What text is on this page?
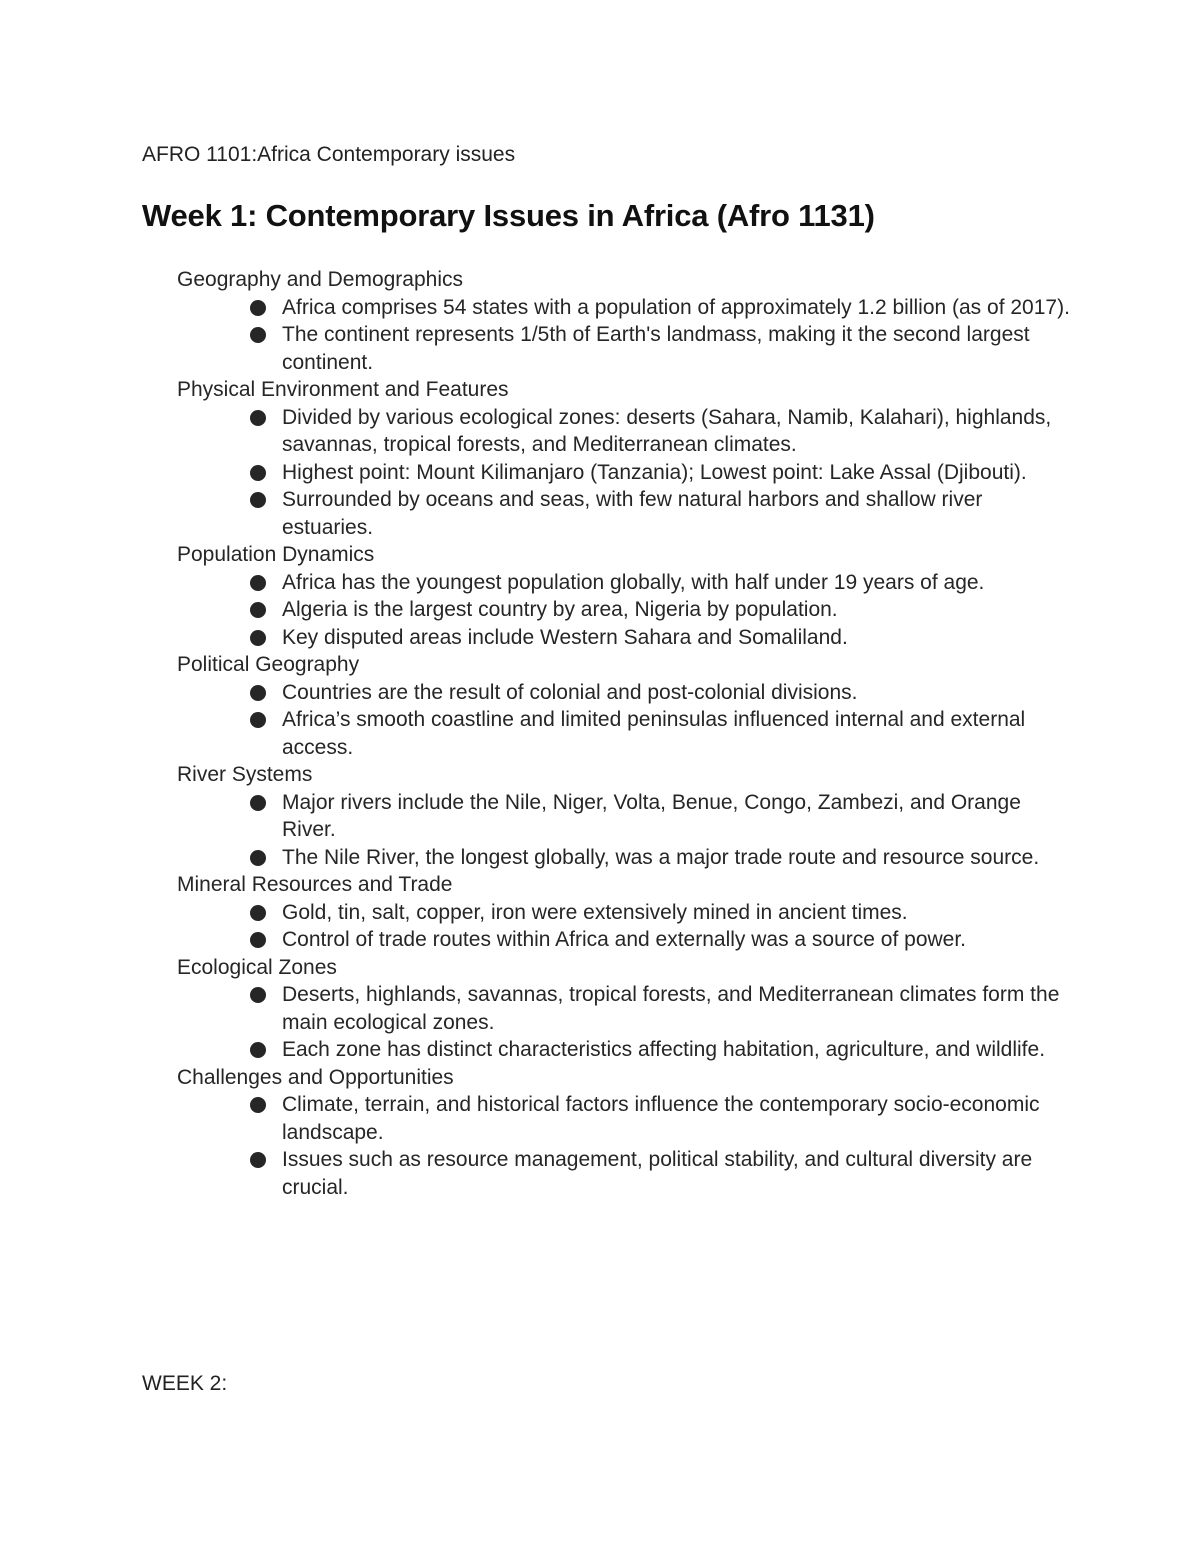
AFRO 1101:Africa Contemporary issues

Week 1: Contemporary Issues in Africa (Afro 1131)

Geography and Demographics

Africa comprises 54 states with a population of approximately 1.2 billion (as of 2017).
The continent represents 1/5th of Earth's landmass, making it the second largest continent.

Physical Environment and Features

Divided by various ecological zones: deserts (Sahara, Namib, Kalahari), highlands, savannas, tropical forests, and Mediterranean climates.
Highest point: Mount Kilimanjaro (Tanzania); Lowest point: Lake Assal (Djibouti).
Surrounded by oceans and seas, with few natural harbors and shallow river estuaries.

Population Dynamics

Africa has the youngest population globally, with half under 19 years of age.
Algeria is the largest country by area, Nigeria by population.
Key disputed areas include Western Sahara and Somaliland.

Political Geography

Countries are the result of colonial and post-colonial divisions.
Africa’s smooth coastline and limited peninsulas influenced internal and external access.

River Systems

Major rivers include the Nile, Niger, Volta, Benue, Congo, Zambezi, and Orange River.
The Nile River, the longest globally, was a major trade route and resource source.

Mineral Resources and Trade

Gold, tin, salt, copper, iron were extensively mined in ancient times.
Control of trade routes within Africa and externally was a source of power.

Ecological Zones

Deserts, highlands, savannas, tropical forests, and Mediterranean climates form the main ecological zones.
Each zone has distinct characteristics affecting habitation, agriculture, and wildlife.

Challenges and Opportunities

Climate, terrain, and historical factors influence the contemporary socio-economic landscape.
Issues such as resource management, political stability, and cultural diversity are crucial.

WEEK 2:
